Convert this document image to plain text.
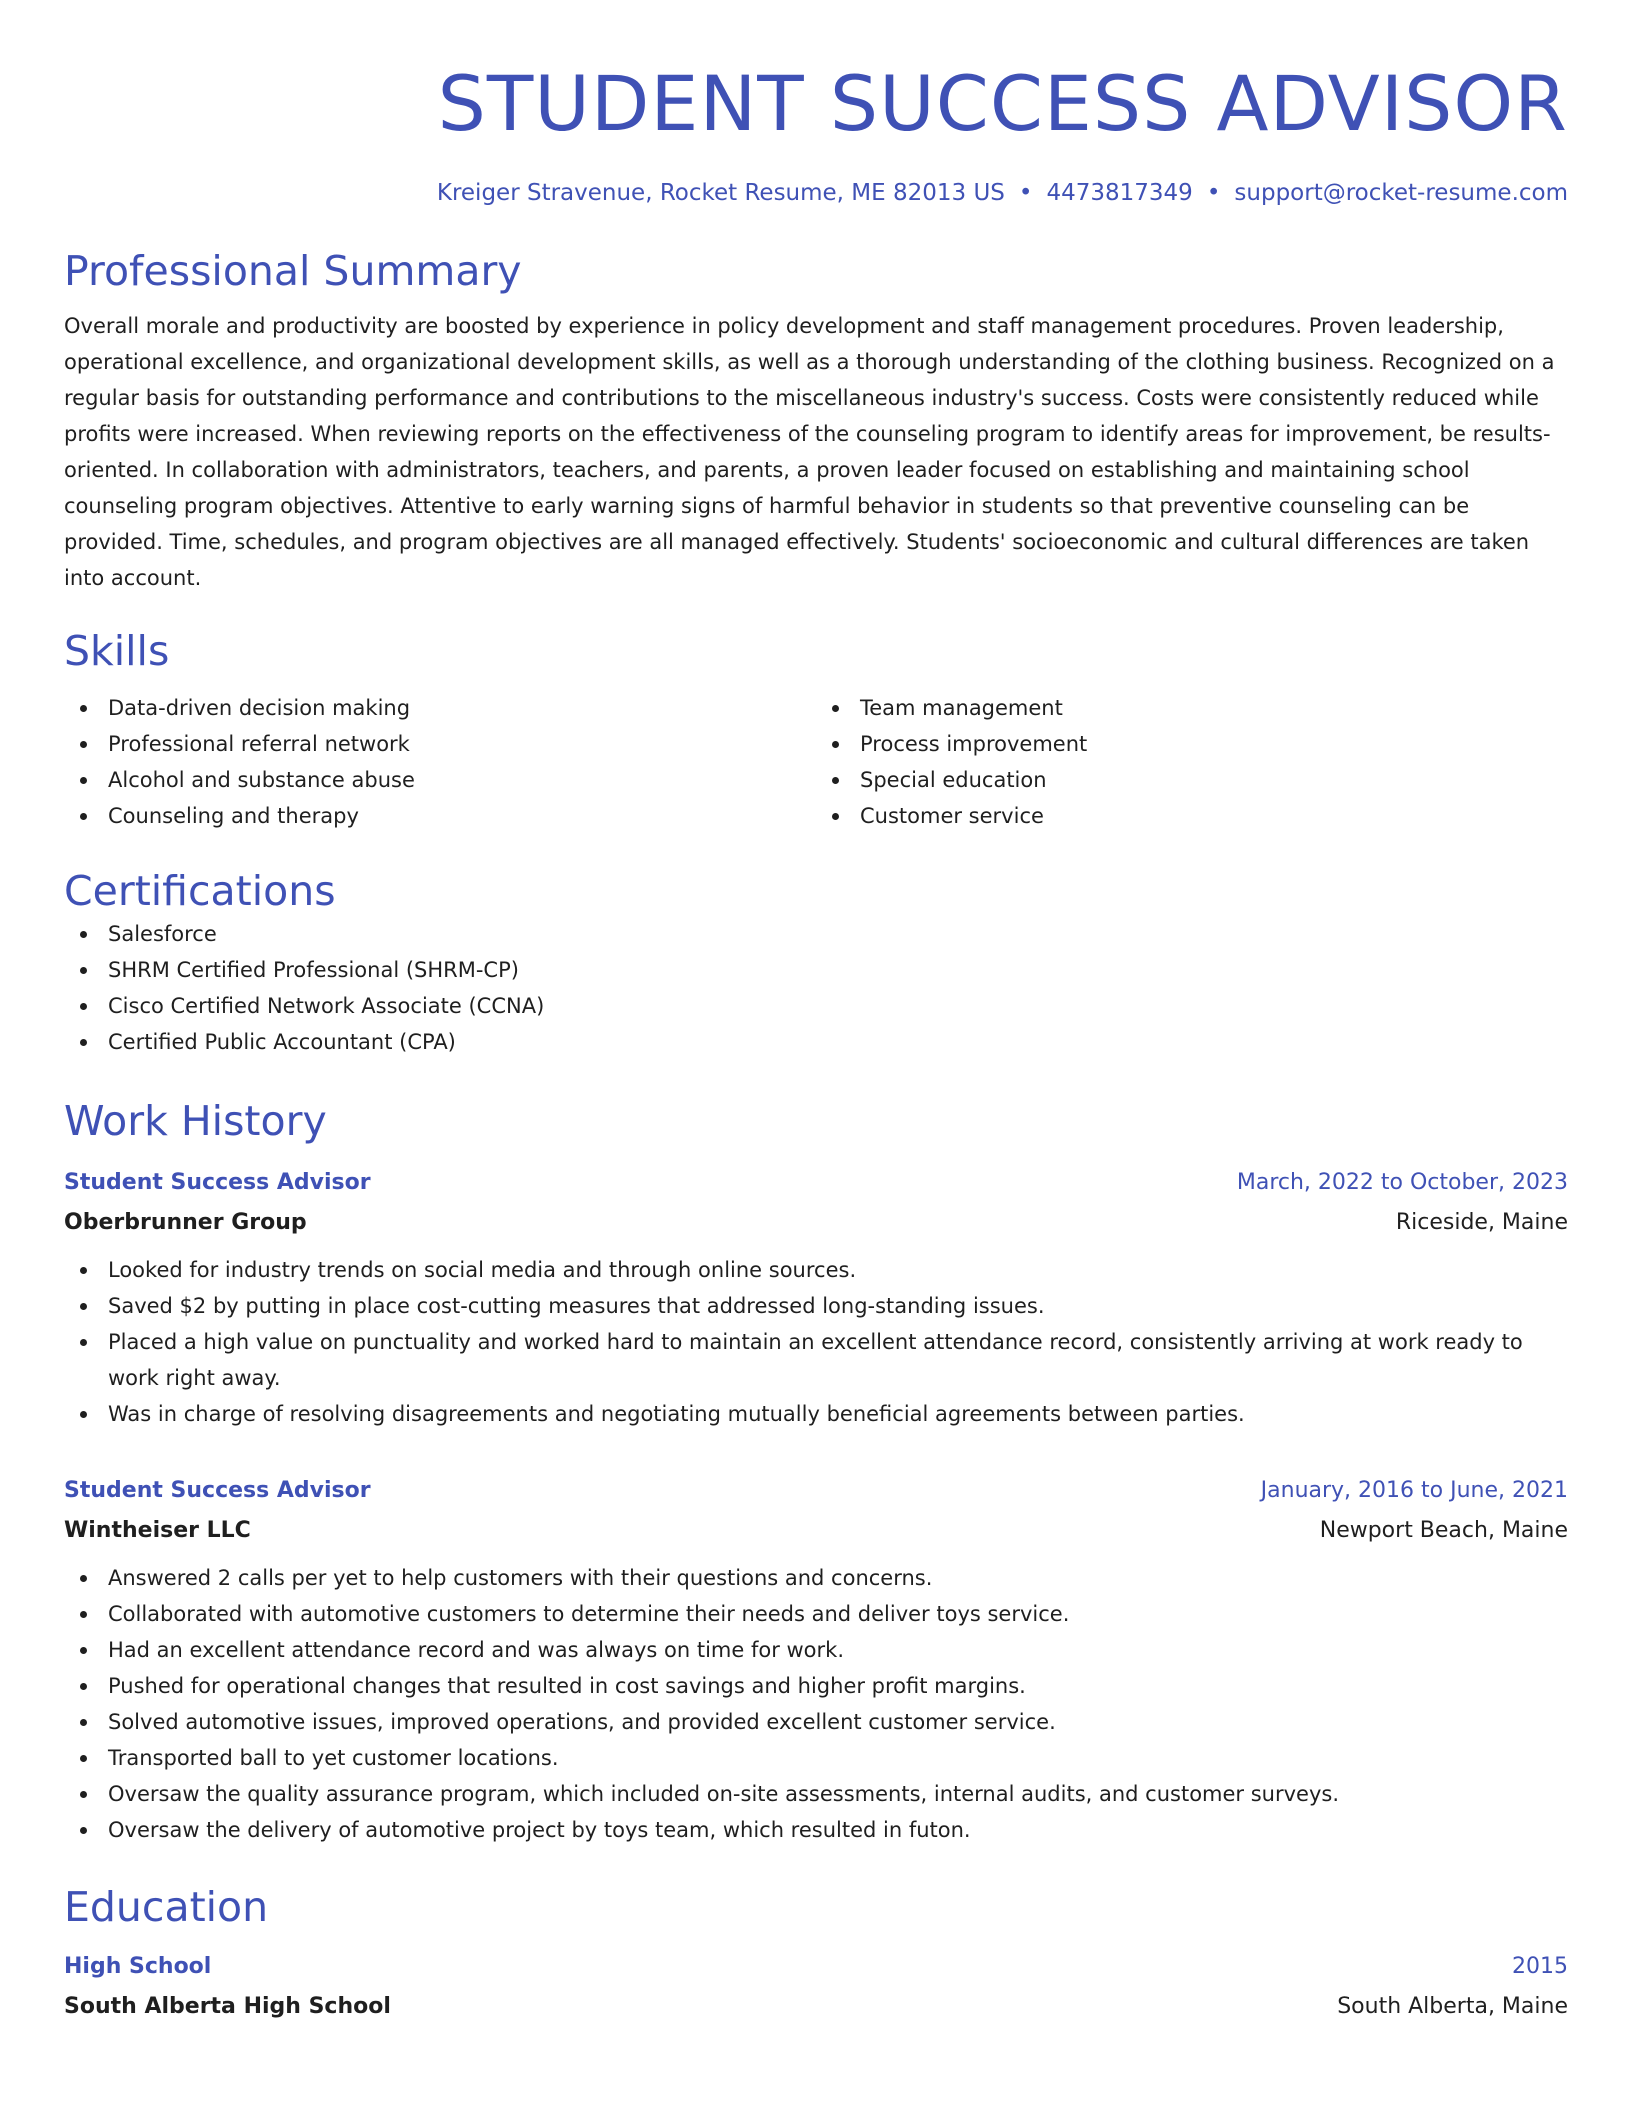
STUDENT SUCCESS ADVISOR
Kreiger Stravenue, Rocket Resume, ME 82013 US • 4473817349 • support@rocket-resume.com
Professional Summary
Overall morale and productivity are boosted by experience in policy development and staff management procedures. Proven leadership, operational excellence, and organizational development skills, as well as a thorough understanding of the clothing business. Recognized on a regular basis for outstanding performance and contributions to the miscellaneous industry's success. Costs were consistently reduced while profits were increased. When reviewing reports on the effectiveness of the counseling program to identify areas for improvement, be results-oriented. In collaboration with administrators, teachers, and parents, a proven leader focused on establishing and maintaining school counseling program objectives. Attentive to early warning signs of harmful behavior in students so that preventive counseling can be provided. Time, schedules, and program objectives are all managed effectively. Students' socioeconomic and cultural differences are taken into account.
Skills
Data-driven decision making
Professional referral network
Alcohol and substance abuse
Counseling and therapy
Team management
Process improvement
Special education
Customer service
Certifications
Salesforce
SHRM Certified Professional (SHRM-CP)
Cisco Certified Network Associate (CCNA)
Certified Public Accountant (CPA)
Work History
Student Success Advisor	March, 2022 to October, 2023
Oberbrunner Group	Riceside, Maine
Looked for industry trends on social media and through online sources.
Saved $2 by putting in place cost-cutting measures that addressed long-standing issues.
Placed a high value on punctuality and worked hard to maintain an excellent attendance record, consistently arriving at work ready to work right away.
Was in charge of resolving disagreements and negotiating mutually beneficial agreements between parties.
Student Success Advisor	January, 2016 to June, 2021
Wintheiser LLC	Newport Beach, Maine
Answered 2 calls per yet to help customers with their questions and concerns.
Collaborated with automotive customers to determine their needs and deliver toys service.
Had an excellent attendance record and was always on time for work.
Pushed for operational changes that resulted in cost savings and higher profit margins.
Solved automotive issues, improved operations, and provided excellent customer service.
Transported ball to yet customer locations.
Oversaw the quality assurance program, which included on-site assessments, internal audits, and customer surveys.
Oversaw the delivery of automotive project by toys team, which resulted in futon.
Education
High School	2015
South Alberta High School	South Alberta, Maine
